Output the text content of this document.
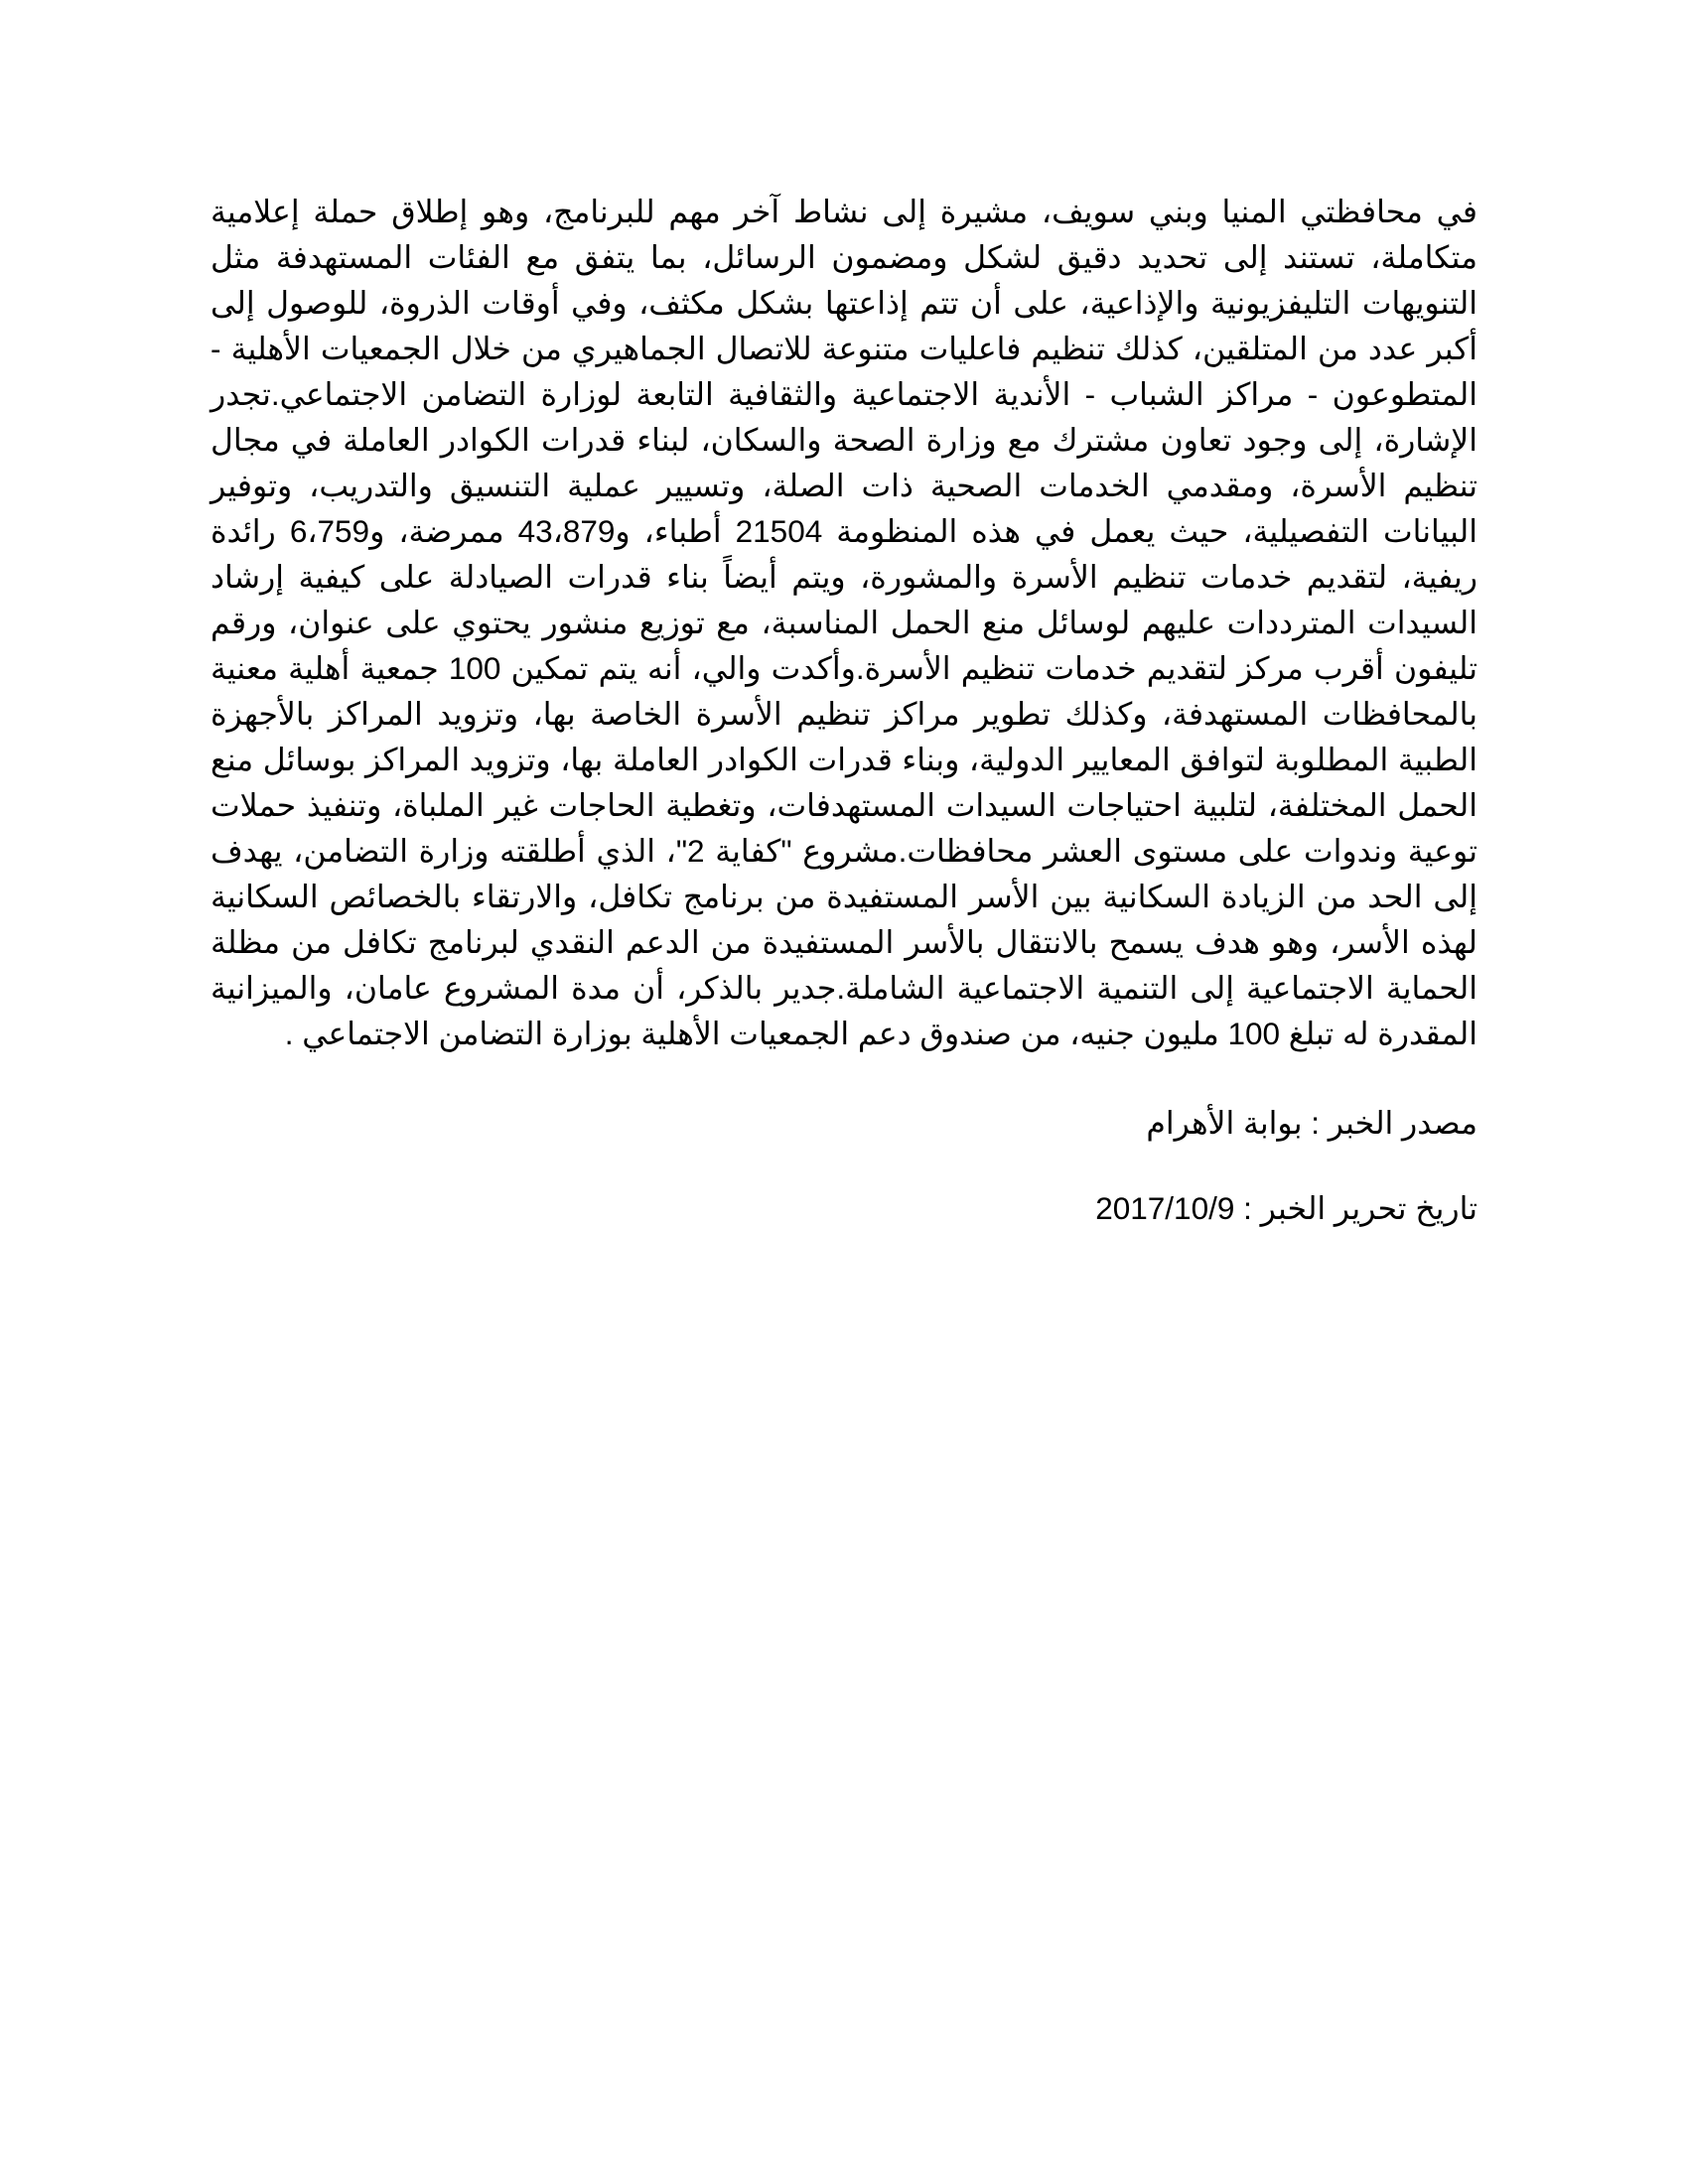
في محافظتي المنيا وبني سويف، مشيرة إلى نشاط آخر مهم للبرنامج، وهو إطلاق حملة إعلامية متكاملة، تستند إلى تحديد دقيق لشكل ومضمون الرسائل، بما يتفق مع الفئات المستهدفة مثل التنويهات التليفزيونية والإذاعية، على أن تتم إذاعتها بشكل مكثف، وفي أوقات الذروة، للوصول إلى أكبر عدد من المتلقين، كذلك تنظيم فاعليات متنوعة للاتصال الجماهيري من خلال الجمعيات الأهلية - المتطوعون - مراكز الشباب - الأندية الاجتماعية والثقافية التابعة لوزارة التضامن الاجتماعي.تجدر الإشارة، إلى وجود تعاون مشترك مع وزارة الصحة والسكان، لبناء قدرات الكوادر العاملة في مجال تنظيم الأسرة، ومقدمي الخدمات الصحية ذات الصلة، وتسيير عملية التنسيق والتدريب، وتوفير البيانات التفصيلية، حيث يعمل في هذه المنظومة 21504 أطباء، و43،879 ممرضة، و6،759 رائدة ريفية، لتقديم خدمات تنظيم الأسرة والمشورة، ويتم أيضاً بناء قدرات الصيادلة على كيفية إرشاد السيدات المترددات عليهم لوسائل منع الحمل المناسبة، مع توزيع منشور يحتوي على عنوان، ورقم تليفون أقرب مركز لتقديم خدمات تنظيم الأسرة.وأكدت والي، أنه يتم تمكين 100 جمعية أهلية معنية بالمحافظات المستهدفة، وكذلك تطوير مراكز تنظيم الأسرة الخاصة بها، وتزويد المراكز بالأجهزة الطبية المطلوبة لتوافق المعايير الدولية، وبناء قدرات الكوادر العاملة بها، وتزويد المراكز بوسائل منع الحمل المختلفة، لتلبية احتياجات السيدات المستهدفات، وتغطية الحاجات غير الملباة، وتنفيذ حملات توعية وندوات على مستوى العشر محافظات.مشروع "كفاية 2"، الذي أطلقته وزارة التضامن، يهدف إلى الحد من الزيادة السكانية بين الأسر المستفيدة من برنامج تكافل، والارتقاء بالخصائص السكانية لهذه الأسر، وهو هدف يسمح بالانتقال بالأسر المستفيدة من الدعم النقدي لبرنامج تكافل من مظلة الحماية الاجتماعية إلى التنمية الاجتماعية الشاملة.جدير بالذكر، أن مدة المشروع عامان، والميزانية المقدرة له تبلغ 100 مليون جنيه، من صندوق دعم الجمعيات الأهلية بوزارة التضامن الاجتماعي .

مصدر الخبر : بوابة الأهرام

تاريخ تحرير الخبر : 2017/10/9
